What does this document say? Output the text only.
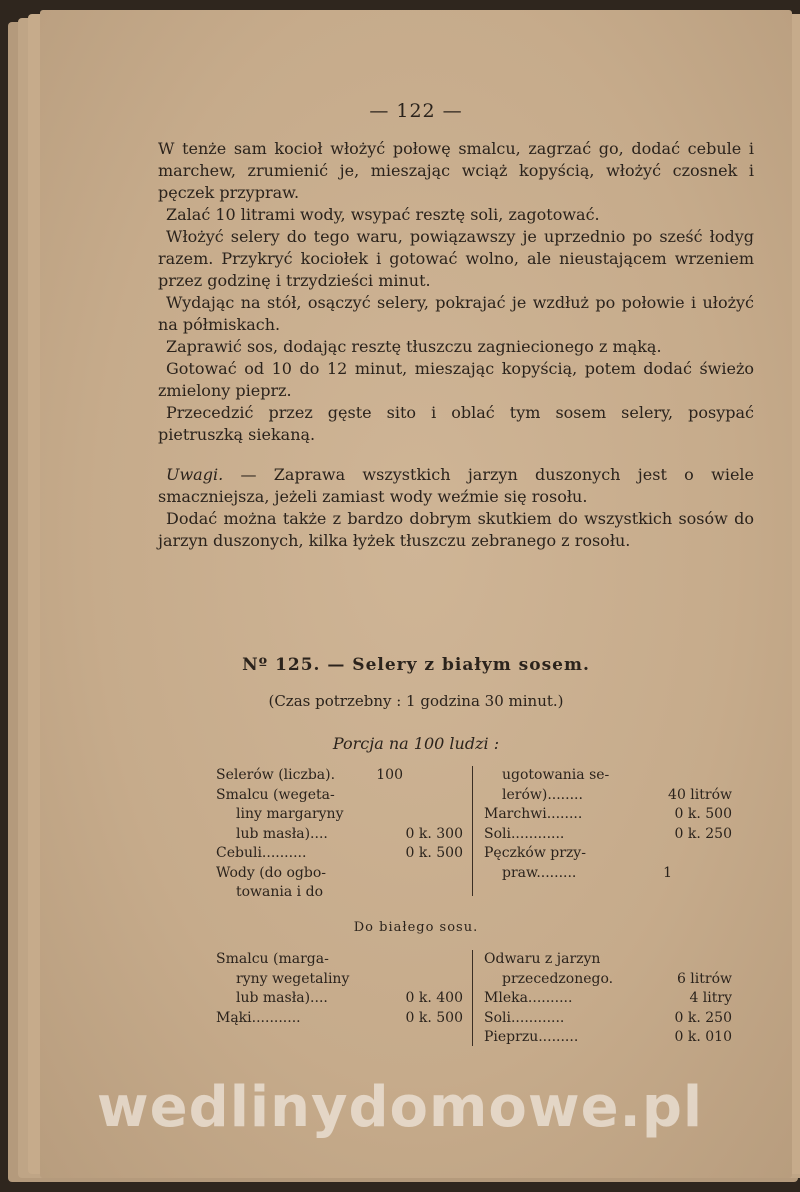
— 122 —

W tenże sam kocioł włożyć połowę smalcu, zagrzać go, dodać cebule i marchew, zrumienić je, mieszając wciąż kopyścią, włożyć czosnek i pęczek przypraw.

Zalać 10 litrami wody, wsypać resztę soli, zagotować.

Włożyć selery do tego waru, powiązawszy je uprzednio po sześć łodyg razem. Przykryć kociołek i gotować wolno, ale nieustającem wrzeniem przez godzinę i trzydzieści minut.

Wydając na stół, osączyć selery, pokrajać je wzdłuż po połowie i ułożyć na półmiskach.

Zaprawić sos, dodając resztę tłuszczu zagniecionego z mąką.

Gotować od 10 do 12 minut, mieszając kopyścią, potem dodać świeżo zmielony pieprz.

Przecedzić przez gęste sito i oblać tym sosem selery, posypać pietruszką siekaną.

Uwagi. — Zaprawa wszystkich jarzyn duszonych jest o wiele smaczniejsza, jeżeli zamiast wody weźmie się rosołu.

Dodać można także z bardzo dobrym skutkiem do wszystkich sosów do jarzyn duszonych, kilka łyżek tłuszczu zebranego z rosołu.

Nº 125. — Selery z białym sosem.
(Czas potrzebny : 1 godzina 30 minut.)
Porcja na 100 ludzi :
Selerów (liczba).	100
Smalcu (wegeta-
liny margaryny
lub masła)....	0 k. 300
Cebuli..........	0 k. 500
Wody (do ogbo-
towania i do
ugotowania se-
lerów)........	40 litrów
Marchwi........	0 k. 500
Soli............	0 k. 250
Pęczków przy-
praw.........	1
Do białego sosu.
Smalcu (marga-
ryny wegetaliny
lub masła)....	0 k. 400
Mąki...........	0 k. 500
Odwaru z jarzyn
przecedzonego.	6 litrów
Mleka..........	4 litry
Soli............	0 k. 250
Pieprzu.........	0 k. 010
wedlinydomowe.pl
